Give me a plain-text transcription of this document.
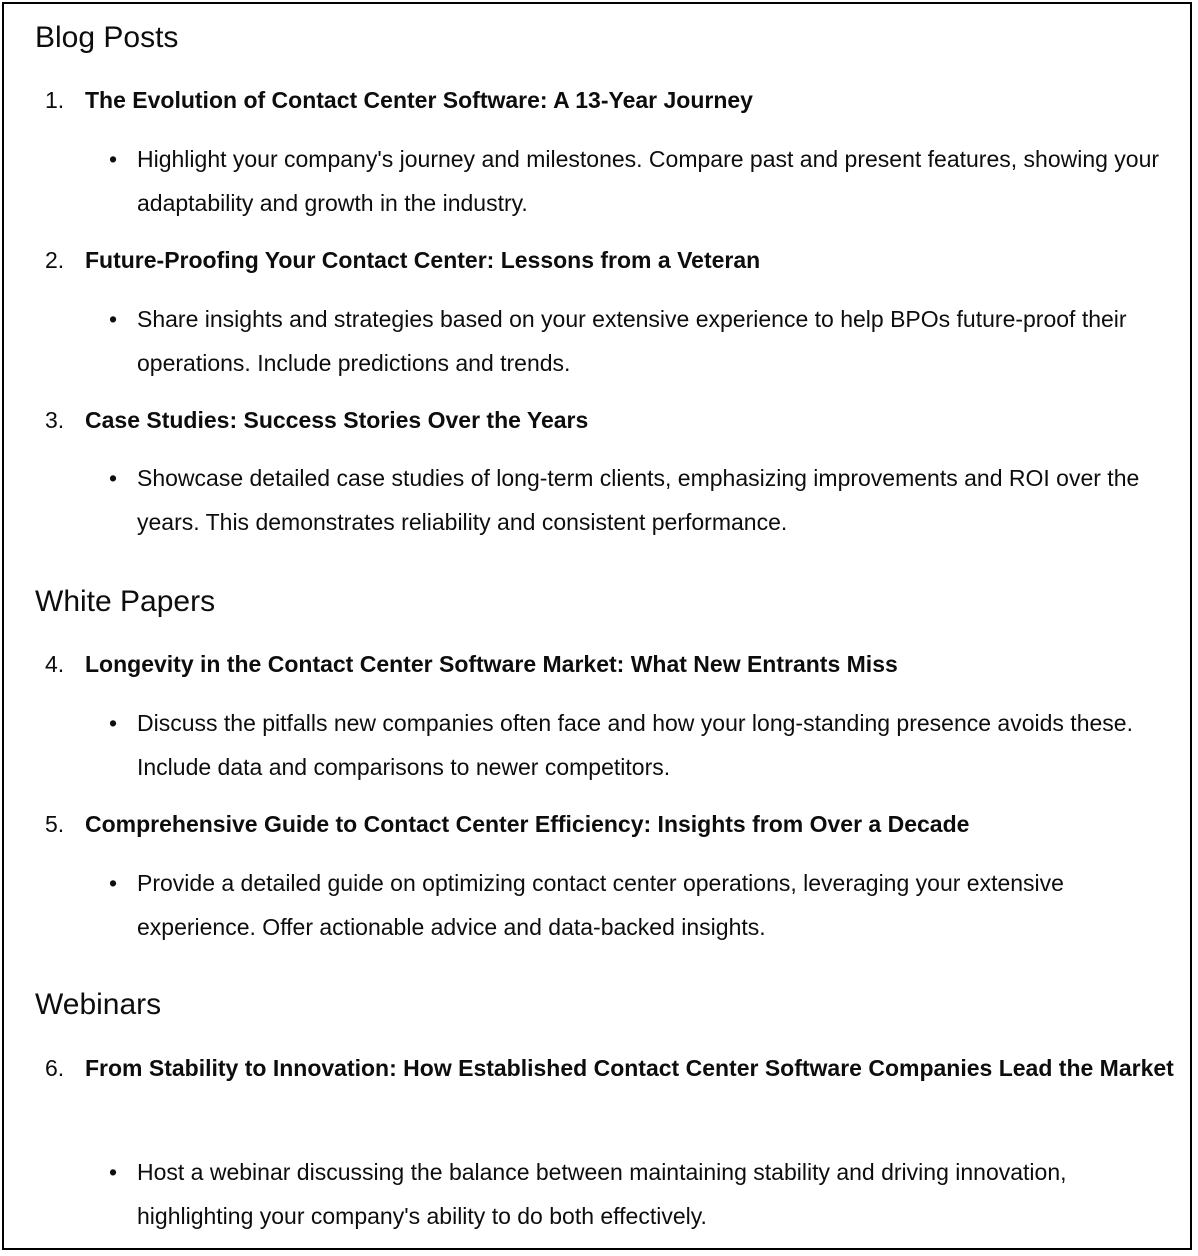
Blog Posts
1. The Evolution of Contact Center Software: A 13-Year Journey
• Highlight your company's journey and milestones. Compare past and present features, showing your adaptability and growth in the industry.
2. Future-Proofing Your Contact Center: Lessons from a Veteran
• Share insights and strategies based on your extensive experience to help BPOs future-proof their operations. Include predictions and trends.
3. Case Studies: Success Stories Over the Years
• Showcase detailed case studies of long-term clients, emphasizing improvements and ROI over the years. This demonstrates reliability and consistent performance.
White Papers
4. Longevity in the Contact Center Software Market: What New Entrants Miss
• Discuss the pitfalls new companies often face and how your long-standing presence avoids these. Include data and comparisons to newer competitors.
5. Comprehensive Guide to Contact Center Efficiency: Insights from Over a Decade
• Provide a detailed guide on optimizing contact center operations, leveraging your extensive experience. Offer actionable advice and data-backed insights.
Webinars
6. From Stability to Innovation: How Established Contact Center Software Companies Lead the Market
• Host a webinar discussing the balance between maintaining stability and driving innovation, highlighting your company's ability to do both effectively.
